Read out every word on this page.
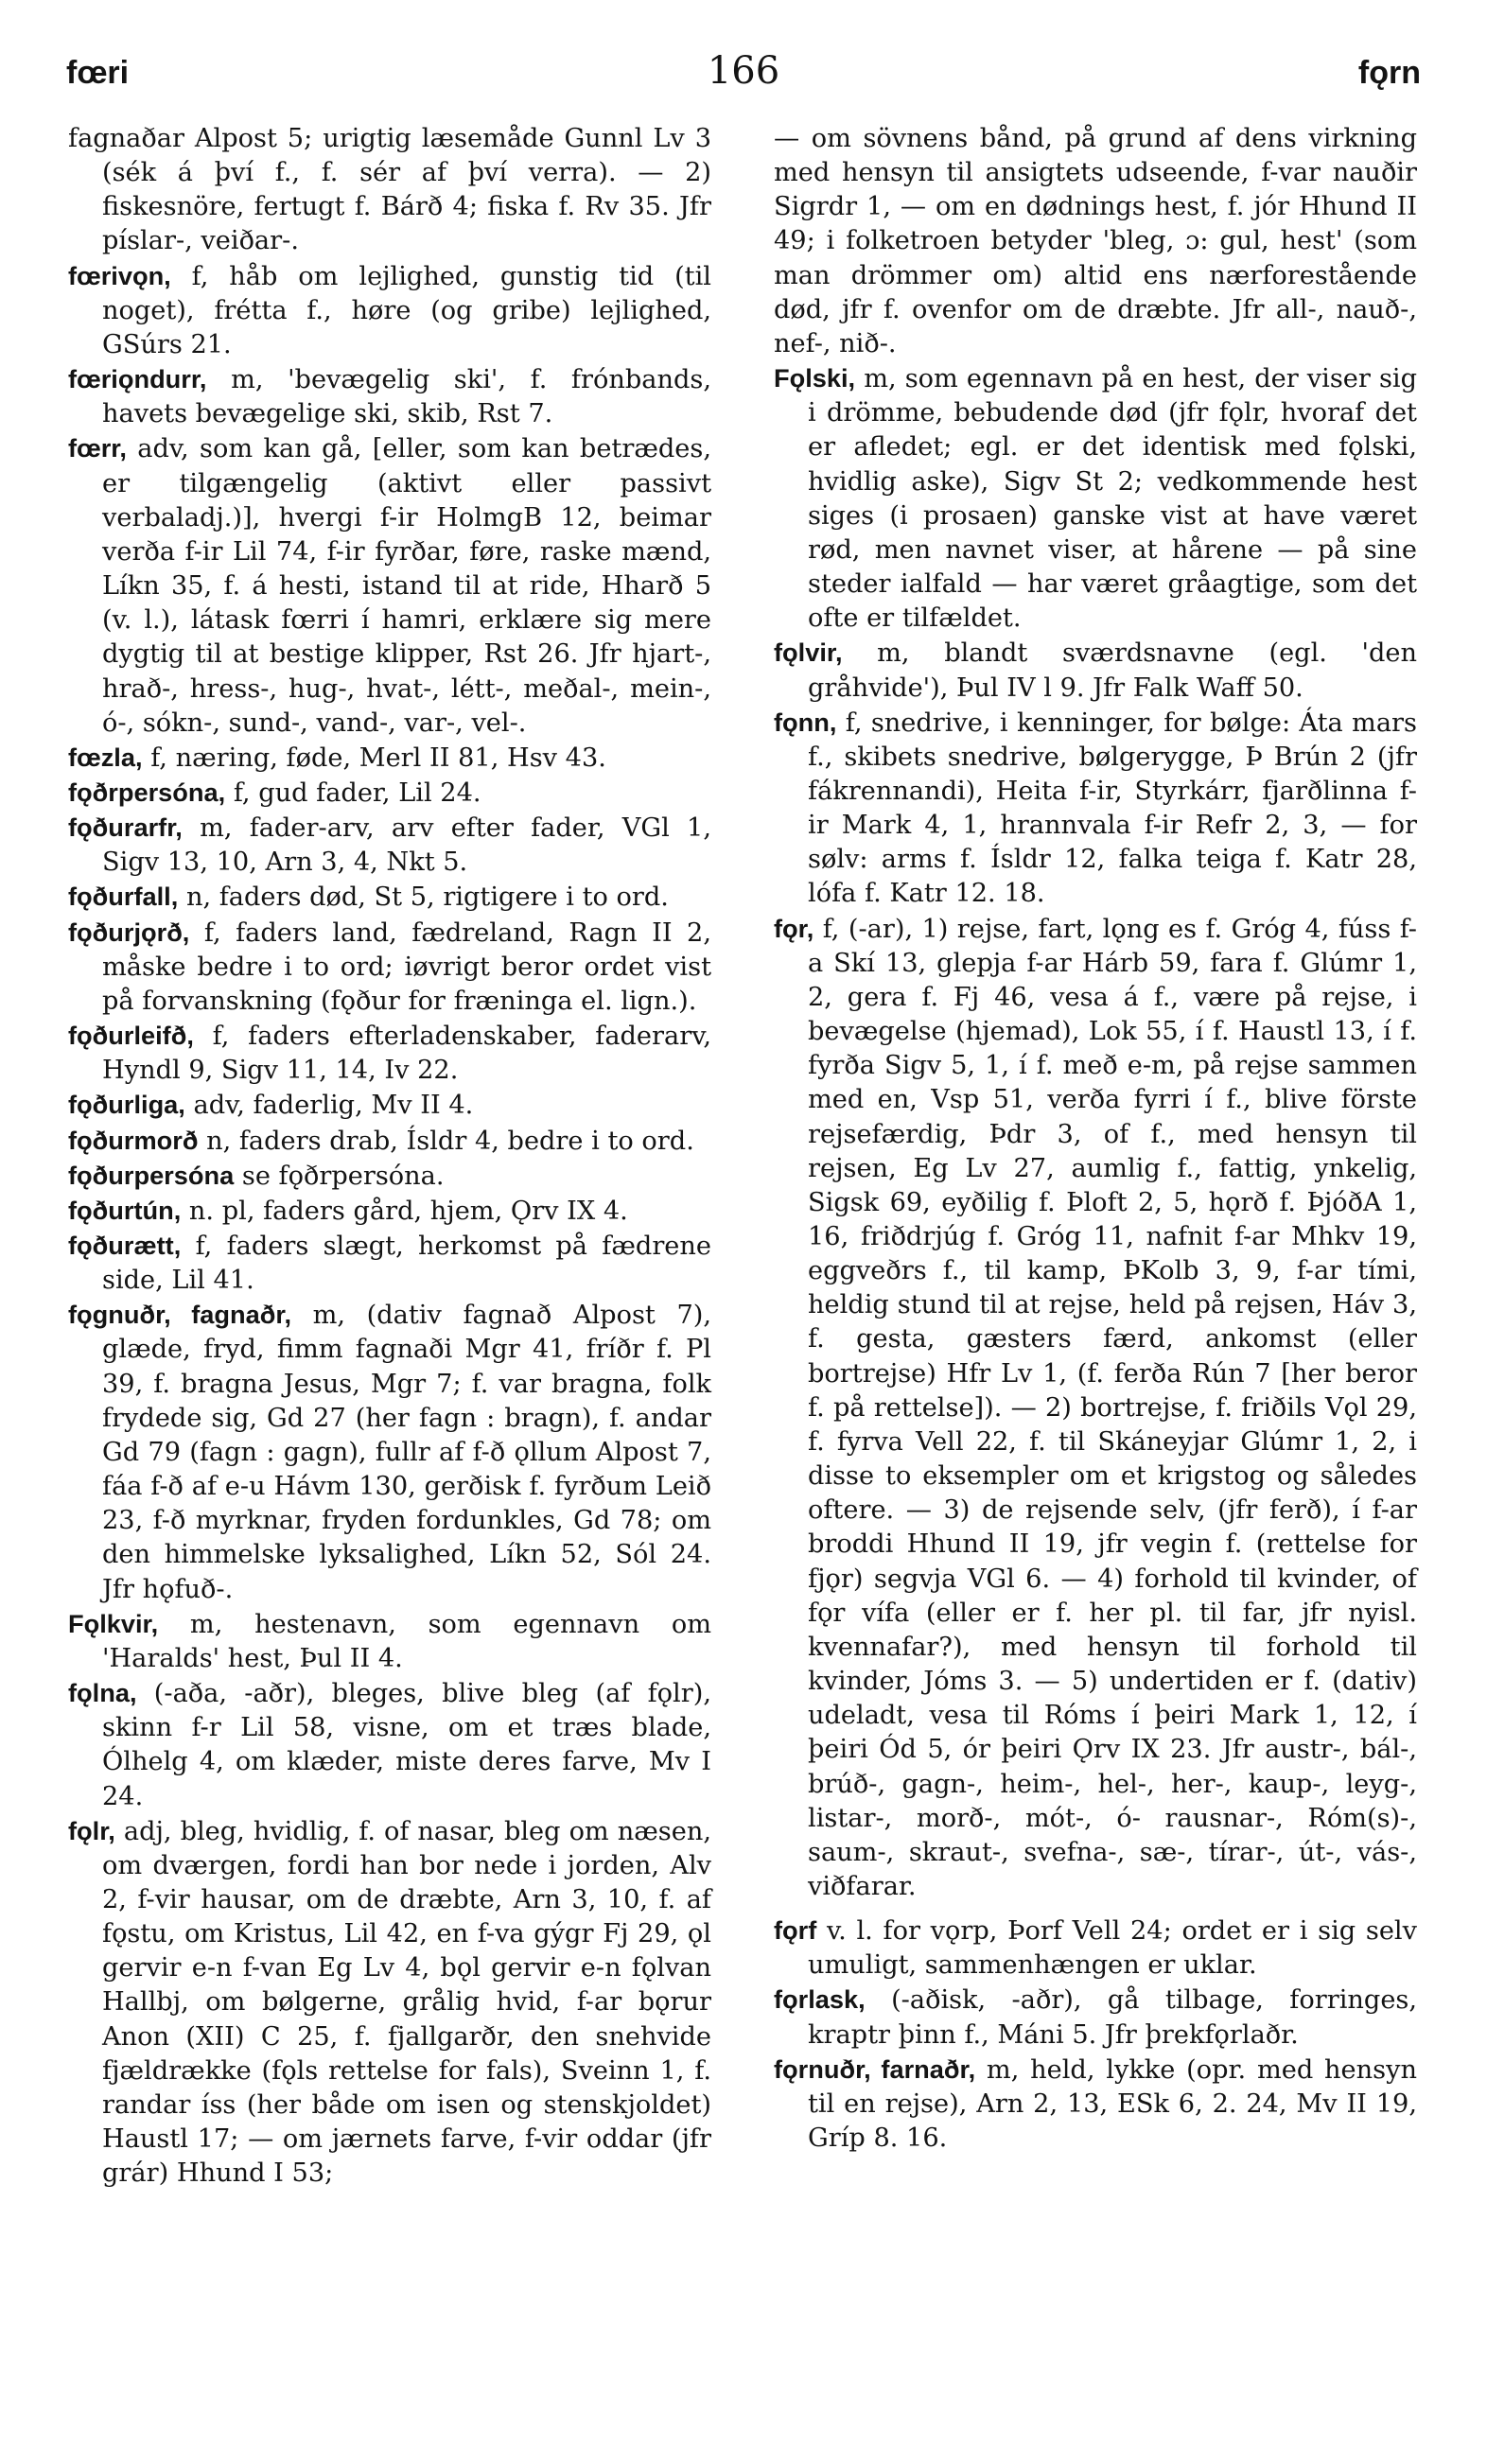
fœri	166	fǫrn

fagnaðar Alpost 5; urigtig læsemåde Gunnl Lv 3 (sék á því f., f. sér af því verra). — 2) fiskesnöre, fertugt f. Bárð 4; fiska f. Rv 35. Jfr píslar-, veiðar-.

fœrivǫn, f, håb om lejlighed, gunstig tid (til noget), frétta f., høre (og gribe) lejlighed, GSúrs 21.

fœriǫndurr, m, 'bevægelig ski', f. frónbands, havets bevægelige ski, skib, Rst 7.

fœrr, adv, som kan gå, [eller, som kan betrædes, er tilgængelig (aktivt eller passivt verbaladj.)], hvergi f-ir HolmgB 12, beimar verða f-ir Lil 74, f-ir fyrðar, føre, raske mænd, Líkn 35, f. á hesti, istand til at ride, Hharð 5 (v. l.), látask fœrri í hamri, erklære sig mere dygtig til at bestige klipper, Rst 26. Jfr hjart-, hrað-, hress-, hug-, hvat-, létt-, meðal-, mein-, ó-, sókn-, sund-, vand-, var-, vel-.

fœzla, f, næring, føde, Merl II 81, Hsv 43.

fǫðrpersóna, f, gud fader, Lil 24.

fǫðurarfr, m, fader-arv, arv efter fader, VGl 1, Sigv 13, 10, Arn 3, 4, Nkt 5.

fǫðurfall, n, faders død, St 5, rigtigere i to ord.

fǫðurjǫrð, f, faders land, fædreland, Ragn II 2, måske bedre i to ord; iøvrigt beror ordet vist på forvanskning (fǫður for fræninga el. lign.).

fǫðurleifð, f, faders efterladenskaber, faderarv, Hyndl 9, Sigv 11, 14, Iv 22.

fǫðurliga, adv, faderlig, Mv II 4.

fǫðurmorð n, faders drab, Ísldr 4, bedre i to ord.

fǫðurpersóna se fǫðrpersóna.

fǫðurtún, n. pl, faders gård, hjem, Ǫrv IX 4.

fǫðurætt, f, faders slægt, herkomst på fædrene side, Lil 41.

fǫgnuðr, fagnaðr, m, (dativ fagnað Alpost 7), glæde, fryd, fimm fagnaði Mgr 41, fríðr f. Pl 39, f. bragna Jesus, Mgr 7; f. var bragna, folk frydede sig, Gd 27 (her fagn : bragn), f. andar Gd 79 (fagn : gagn), fullr af f-ð ǫllum Alpost 7, fáa f-ð af e-u Hávm 130, gerðisk f. fyrðum Leið 23, f-ð myrknar, fryden fordunkles, Gd 78; om den himmelske lyksalighed, Líkn 52, Sól 24. Jfr hǫfuð-.

Fǫlkvir, m, hestenavn, som egennavn om 'Haralds' hest, Þul II 4.

fǫlna, (-aða, -aðr), bleges, blive bleg (af fǫlr), skinn f-r Lil 58, visne, om et træs blade, Ólhelg 4, om klæder, miste deres farve, Mv I 24.

fǫlr, adj, bleg, hvidlig, f. of nasar, bleg om næsen, om dværgen, fordi han bor nede i jorden, Alv 2, f-vir hausar, om de dræbte, Arn 3, 10, f. af fǫstu, om Kristus, Lil 42, en f-va gýgr Fj 29, ǫl gervir e-n f-van Eg Lv 4, bǫl gervir e-n fǫlvan Hallbj, om bølgerne, grålig hvid, f-ar bǫrur Anon (XII) C 25, f. fjallgarðr, den snehvide fjældrække (fǫls rettelse for fals), Sveinn 1, f. randar íss (her både om isen og stenskjoldet) Haustl 17; — om jærnets farve, f-vir oddar (jfr grár) Hhund I 53;

— om sövnens bånd, på grund af dens virkning med hensyn til ansigtets udseende, f-var nauðir Sigrdr 1, — om en dødnings hest, f. jór Hhund II 49; i folketroen betyder 'bleg, ɔ: gul, hest' (som man drömmer om) altid ens nærforestående død, jfr f. ovenfor om de dræbte. Jfr all-, nauð-, nef-, nið-.

Fǫlski, m, som egennavn på en hest, der viser sig i drömme, bebudende død (jfr fǫlr, hvoraf det er afledet; egl. er det identisk med fǫlski, hvidlig aske), Sigv St 2; vedkommende hest siges (i prosaen) ganske vist at have været rød, men navnet viser, at hårene — på sine steder ialfald — har været gråagtige, som det ofte er tilfældet.

fǫlvir, m, blandt sværdsnavne (egl. 'den gråhvide'), Þul IV l 9. Jfr Falk Waff 50.

fǫnn, f, snedrive, i kenninger, for bølge: Áta mars f., skibets snedrive, bølgerygge, Þ Brún 2 (jfr fákrennandi), Heita f-ir, Styrkárr, fjarðlinna f-ir Mark 4, 1, hrannvala f-ir Refr 2, 3, — for sølv: arms f. Ísldr 12, falka teiga f. Katr 28, lófa f. Katr 12. 18.

fǫr, f, (-ar), 1) rejse, fart, lǫng es f. Gróg 4, fúss f-a Skí 13, glepja f-ar Hárb 59, fara f. Glúmr 1, 2, gera f. Fj 46, vesa á f., være på rejse, i bevægelse (hjemad), Lok 55, í f. Haustl 13, í f. fyrða Sigv 5, 1, í f. með e-m, på rejse sammen med en, Vsp 51, verða fyrri í f., blive förste rejsefærdig, Þdr 3, of f., med hensyn til rejsen, Eg Lv 27, aumlig f., fattig, ynkelig, Sigsk 69, eyðilig f. Þloft 2, 5, hǫrð f. ÞjóðA 1, 16, friðdrjúg f. Gróg 11, nafnit f-ar Mhkv 19, eggveðrs f., til kamp, ÞKolb 3, 9, f-ar tími, heldig stund til at rejse, held på rejsen, Háv 3, f. gesta, gæsters færd, ankomst (eller bortrejse) Hfr Lv 1, (f. ferða Rún 7 [her beror f. på rettelse]). — 2) bortrejse, f. friðils Vǫl 29, f. fyrva Vell 22, f. til Skáneyjar Glúmr 1, 2, i disse to eksempler om et krigstog og således oftere. — 3) de rejsende selv, (jfr ferð), í f-ar broddi Hhund II 19, jfr vegin f. (rettelse for fjǫr) segvja VGl 6. — 4) forhold til kvinder, of fǫr vífa (eller er f. her pl. til far, jfr nyisl. kvennafar?), med hensyn til forhold til kvinder, Jóms 3. — 5) undertiden er f. (dativ) udeladt, vesa til Róms í þeiri Mark 1, 12, í þeiri Ód 5, ór þeiri Ǫrv IX 23. Jfr austr-, bál-, brúð-, gagn-, heim-, hel-, her-, kaup-, leyg-, listar-, morð-, mót-, ó- rausnar-, Róm(s)-, saum-, skraut-, svefna-, sæ-, tírar-, út-, vás-, viðfarar.

fǫrf v. l. for vǫrp, Þorf Vell 24; ordet er i sig selv umuligt, sammenhængen er uklar.

fǫrlask, (-aðisk, -aðr), gå tilbage, forringes, kraptr þinn f., Máni 5. Jfr þrekfǫrlaðr.

fǫrnuðr, farnaðr, m, held, lykke (opr. med hensyn til en rejse), Arn 2, 13, ESk 6, 2. 24, Mv II 19, Gríp 8. 16.
